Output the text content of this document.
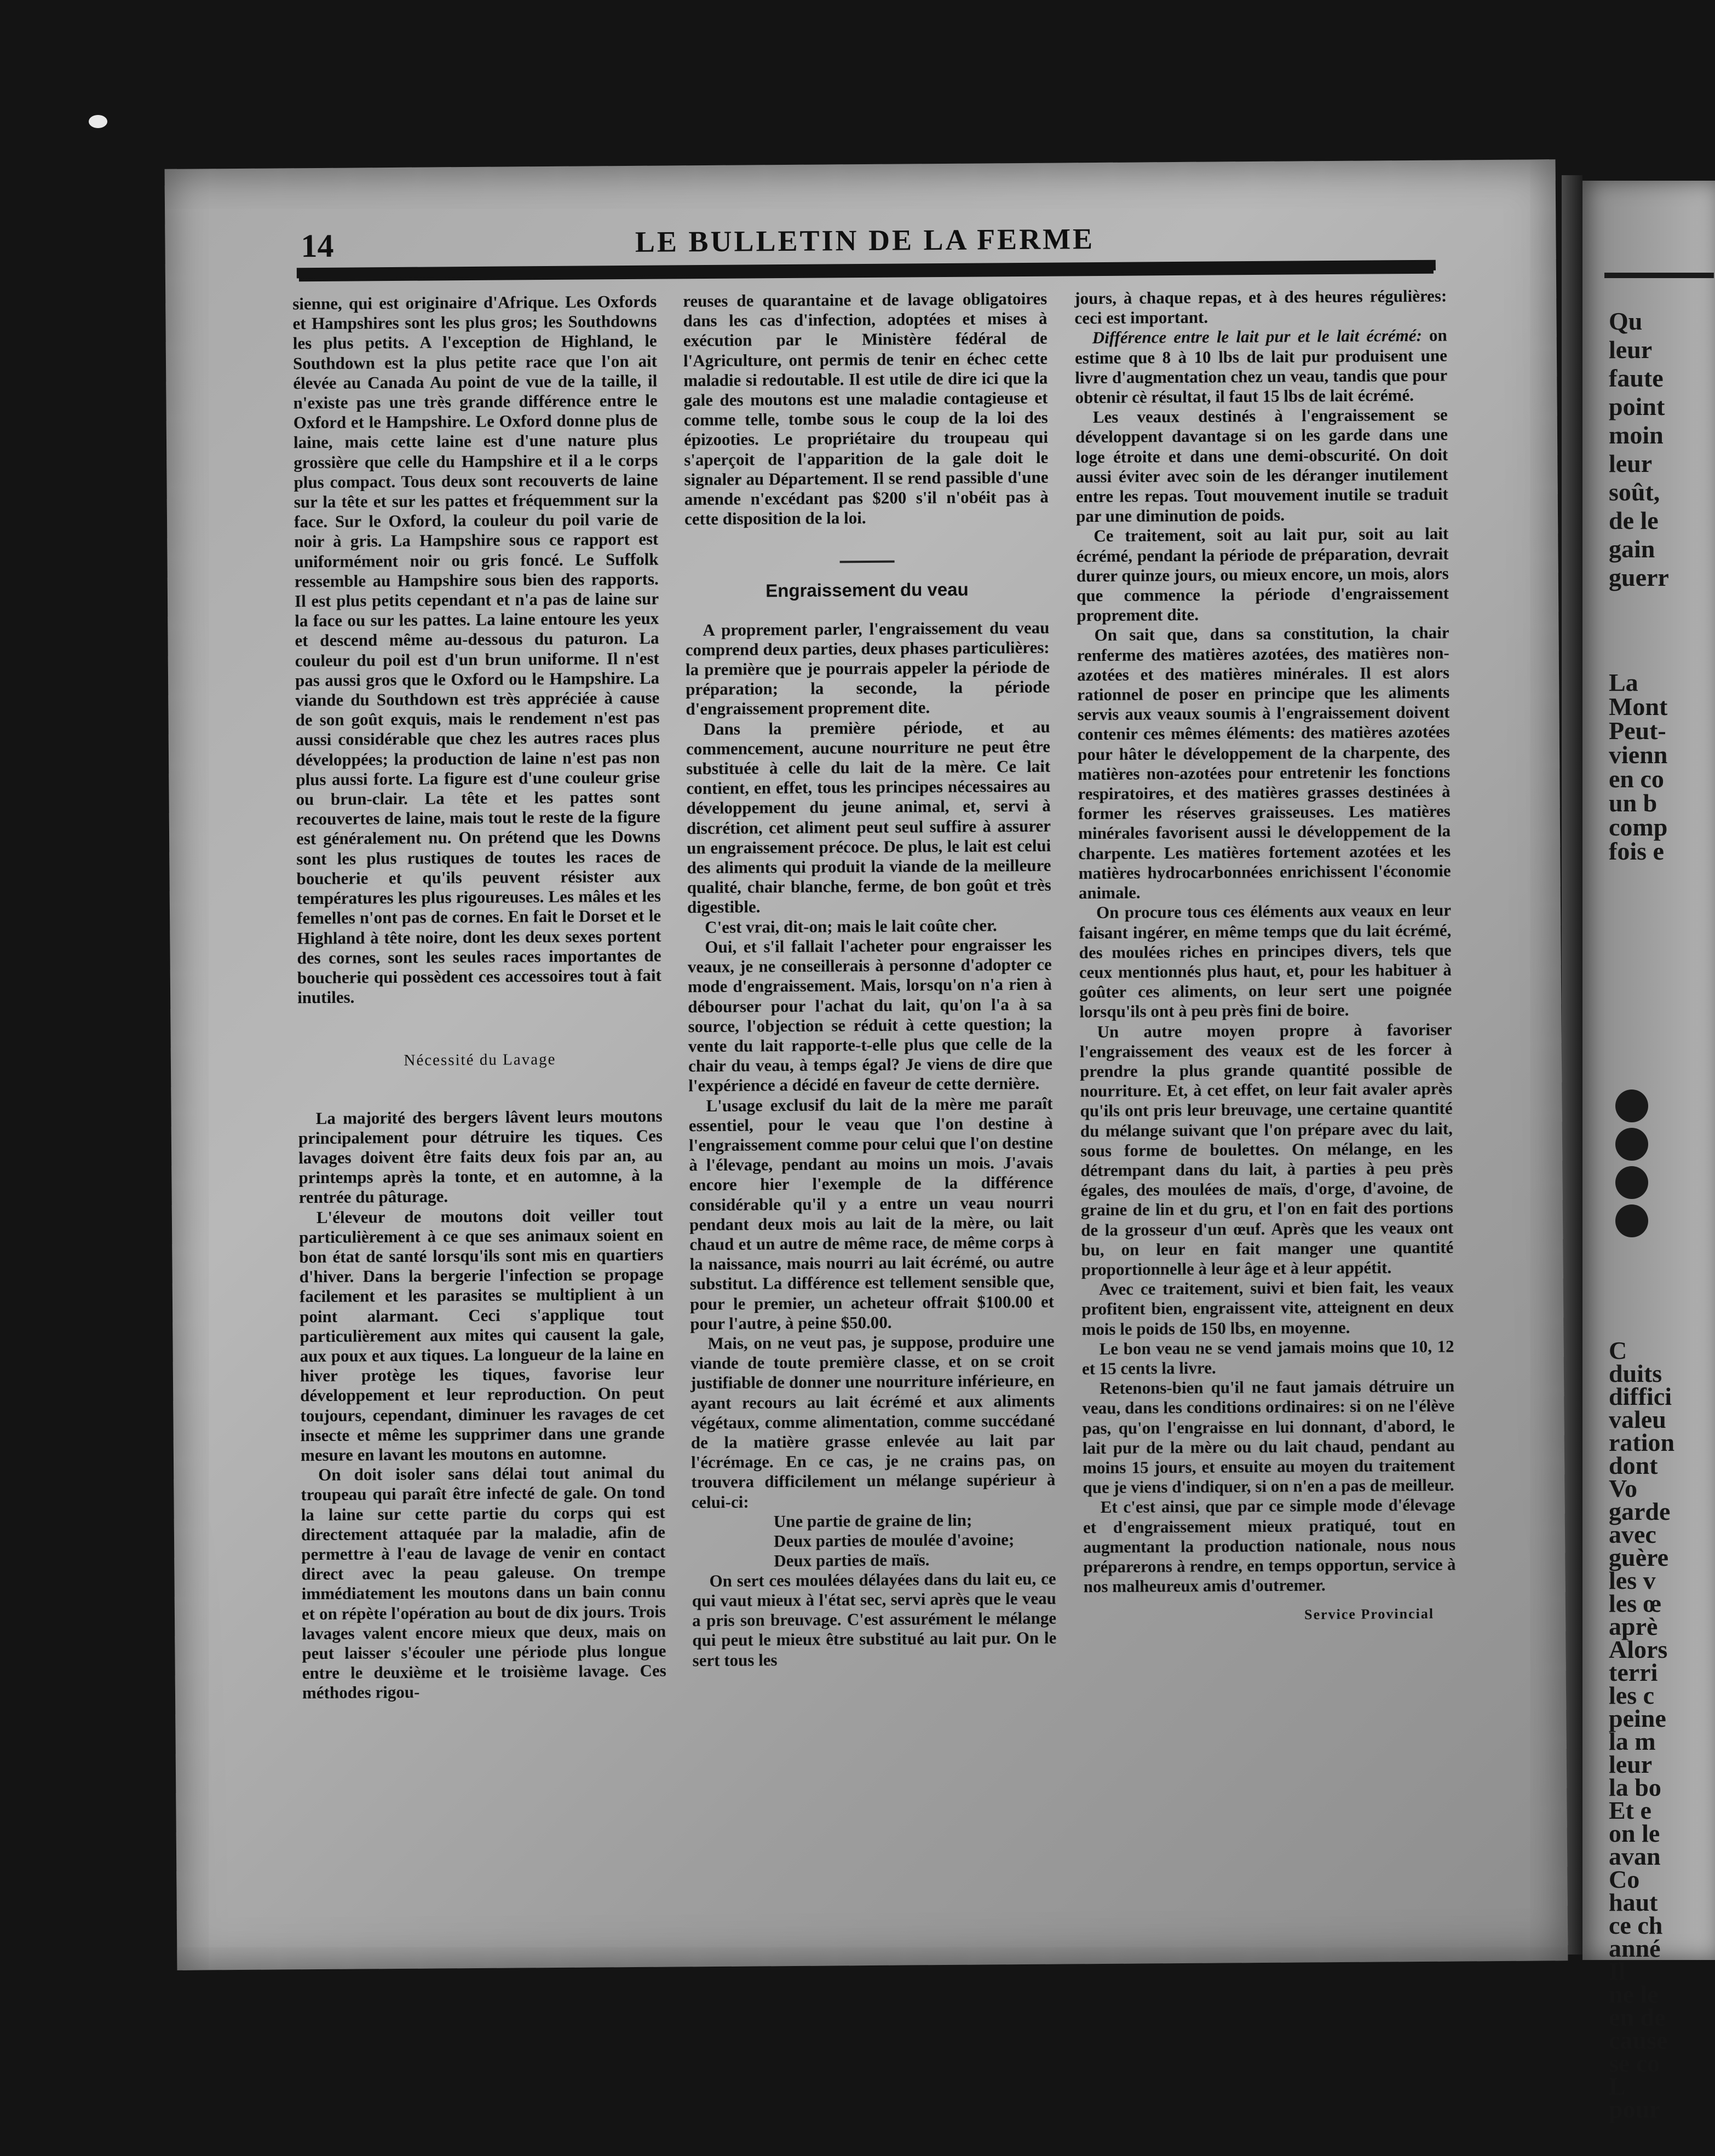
Qu
leur
faute
point
moin
leur
soût,
de le
gain
guerr
La
Mont
Peut-
vienn
en co
un b
comp
fois e
C
duits
diffici
valeu
ration
dont
Vo
garde
avec
guère
les v
les œ
aprè
Alors
terri
les c
peine
la m
leur
la bo
Et e
on le
avan
Co
haut
ce ch
anné
Il
ne le
en de
cause
se co
L
pour
14	LE BULLETIN DE LA FERME

sienne, qui est originaire d'Afrique. Les Oxfords et Hampshires sont les plus gros; les Southdowns les plus petits. A l'exception de Highland, le Southdown est la plus petite race que l'on ait élevée au Canada Au point de vue de la taille, il n'existe pas une très grande différence entre le Oxford et le Hampshire. Le Oxford donne plus de laine, mais cette laine est d'une nature plus grossière que celle du Hampshire et il a le corps plus compact. Tous deux sont recouverts de laine sur la tête et sur les pattes et fréquemment sur la face. Sur le Oxford, la couleur du poil varie de noir à gris. La Hampshire sous ce rapport est uniformément noir ou gris foncé. Le Suffolk ressemble au Hampshire sous bien des rapports. Il est plus petits cependant et n'a pas de laine sur la face ou sur les pattes. La laine entoure les yeux et descend même au-dessous du paturon. La couleur du poil est d'un brun uniforme. Il n'est pas aussi gros que le Oxford ou le Hampshire. La viande du Southdown est très appréciée à cause de son goût exquis, mais le rendement n'est pas aussi considérable que chez les autres races plus développées; la production de laine n'est pas non plus aussi forte. La figure est d'une couleur grise ou brun-clair. La tête et les pattes sont recouvertes de laine, mais tout le reste de la figure est généralement nu. On prétend que les Downs sont les plus rustiques de toutes les races de boucherie et qu'ils peuvent résister aux températures les plus rigoureuses. Les mâles et les femelles n'ont pas de cornes. En fait le Dorset et le Highland à tête noire, dont les deux sexes portent des cornes, sont les seules races importantes de boucherie qui possèdent ces accessoires tout à fait inutiles.

Nécessité du Lavage

La majorité des bergers lâvent leurs moutons principalement pour détruire les tiques. Ces lavages doivent être faits deux fois par an, au printemps après la tonte, et en automne, à la rentrée du pâturage.

L'éleveur de moutons doit veiller tout particulièrement à ce que ses animaux soient en bon état de santé lorsqu'ils sont mis en quartiers d'hiver. Dans la bergerie l'infection se propage facilement et les parasites se multiplient à un point alarmant. Ceci s'applique tout particulièrement aux mites qui causent la gale, aux poux et aux tiques. La longueur de la laine en hiver protège les tiques, favorise leur développement et leur reproduction. On peut toujours, cependant, diminuer les ravages de cet insecte et même les supprimer dans une grande mesure en lavant les moutons en automne.

On doit isoler sans délai tout animal du troupeau qui paraît être infecté de gale. On tond la laine sur cette partie du corps qui est directement attaquée par la maladie, afin de permettre à l'eau de lavage de venir en contact direct avec la peau galeuse. On trempe immédiatement les moutons dans un bain connu et on répète l'opération au bout de dix jours. Trois lavages valent encore mieux que deux, mais on peut laisser s'écouler une période plus longue entre le deuxième et le troisième lavage. Ces méthodes rigou-

reuses de quarantaine et de lavage obligatoires dans les cas d'infection, adoptées et mises à exécution par le Ministère fédéral de l'Agriculture, ont permis de tenir en échec cette maladie si redoutable. Il est utile de dire ici que la gale des moutons est une maladie contagieuse et comme telle, tombe sous le coup de la loi des épizooties. Le propriétaire du troupeau qui s'aperçoit de l'apparition de la gale doit le signaler au Département. Il se rend passible d'une amende n'excédant pas $200 s'il n'obéit pas à cette disposition de la loi.

Engraissement du veau

A proprement parler, l'engraissement du veau comprend deux parties, deux phases particulières: la première que je pourrais appeler la période de préparation; la seconde, la période d'engraissement proprement dite.

Dans la première période, et au commencement, aucune nourriture ne peut être substituée à celle du lait de la mère. Ce lait contient, en effet, tous les principes nécessaires au développement du jeune animal, et, servi à discrétion, cet aliment peut seul suffire à assurer un engraissement précoce. De plus, le lait est celui des aliments qui produit la viande de la meilleure qualité, chair blanche, ferme, de bon goût et très digestible.

C'est vrai, dit-on; mais le lait coûte cher.

Oui, et s'il fallait l'acheter pour engraisser les veaux, je ne conseillerais à personne d'adopter ce mode d'engraissement. Mais, lorsqu'on n'a rien à débourser pour l'achat du lait, qu'on l'a à sa source, l'objection se réduit à cette question; la vente du lait rapporte-t-elle plus que celle de la chair du veau, à temps égal? Je viens de dire que l'expérience a décidé en faveur de cette dernière.

L'usage exclusif du lait de la mère me paraît essentiel, pour le veau que l'on destine à l'engraissement comme pour celui que l'on destine à l'élevage, pendant au moins un mois. J'avais encore hier l'exemple de la différence considérable qu'il y a entre un veau nourri pendant deux mois au lait de la mère, ou lait chaud et un autre de même race, de même corps à la naissance, mais nourri au lait écrémé, ou autre substitut. La différence est tellement sensible que, pour le premier, un acheteur offrait $100.00 et pour l'autre, à peine $50.00.

Mais, on ne veut pas, je suppose, produire une viande de toute première classe, et on se croit justifiable de donner une nourriture inférieure, en ayant recours au lait écrémé et aux aliments végétaux, comme alimentation, comme succédané de la matière grasse enlevée au lait par l'écrémage. En ce cas, je ne crains pas, on trouvera difficilement un mélange supérieur à celui-ci:

Une partie de graine de lin;
Deux parties de moulée d'avoine;
Deux parties de maïs.

On sert ces moulées délayées dans du lait eu, ce qui vaut mieux à l'état sec, servi après que le veau a pris son breuvage. C'est assurément le mélange qui peut le mieux être substitué au lait pur. On le sert tous les

jours, à chaque repas, et à des heures régulières: ceci est important.

Différence entre le lait pur et le lait écrémé: on estime que 8 à 10 lbs de lait pur produisent une livre d'augmentation chez un veau, tandis que pour obtenir cè résultat, il faut 15 lbs de lait écrémé.

Les veaux destinés à l'engraissement se développent davantage si on les garde dans une loge étroite et dans une demi-obscurité. On doit aussi éviter avec soin de les déranger inutilement entre les repas. Tout mouvement inutile se traduit par une diminution de poids.

Ce traitement, soit au lait pur, soit au lait écrémé, pendant la période de préparation, devrait durer quinze jours, ou mieux encore, un mois, alors que commence la période d'engraissement proprement dite.

On sait que, dans sa constitution, la chair renferme des matières azotées, des matières non-azotées et des matières minérales. Il est alors rationnel de poser en principe que les aliments servis aux veaux soumis à l'engraissement doivent contenir ces mêmes éléments: des matières azotées pour hâter le développement de la charpente, des matières non-azotées pour entretenir les fonctions respiratoires, et des matières grasses destinées à former les réserves graisseuses. Les matières minérales favorisent aussi le développement de la charpente. Les matières fortement azotées et les matières hydrocarbonnées enrichissent l'économie animale.

On procure tous ces éléments aux veaux en leur faisant ingérer, en même temps que du lait écrémé, des moulées riches en principes divers, tels que ceux mentionnés plus haut, et, pour les habituer à goûter ces aliments, on leur sert une poignée lorsqu'ils ont à peu près fini de boire.

Un autre moyen propre à favoriser l'engraissement des veaux est de les forcer à prendre la plus grande quantité possible de nourriture. Et, à cet effet, on leur fait avaler après qu'ils ont pris leur breuvage, une certaine quantité du mélange suivant que l'on prépare avec du lait, sous forme de boulettes. On mélange, en les détrempant dans du lait, à parties à peu près égales, des moulées de maïs, d'orge, d'avoine, de graine de lin et du gru, et l'on en fait des portions de la grosseur d'un œuf. Après que les veaux ont bu, on leur en fait manger une quantité proportionnelle à leur âge et à leur appétit.

Avec ce traitement, suivi et bien fait, les veaux profitent bien, engraissent vite, atteignent en deux mois le poids de 150 lbs, en moyenne.

Le bon veau ne se vend jamais moins que 10, 12 et 15 cents la livre.

Retenons-bien qu'il ne faut jamais détruire un veau, dans les conditions ordinaires: si on ne l'élève pas, qu'on l'engraisse en lui donnant, d'abord, le lait pur de la mère ou du lait chaud, pendant au moins 15 jours, et ensuite au moyen du traitement que je viens d'indiquer, si on n'en a pas de meilleur.

Et c'est ainsi, que par ce simple mode d'élevage et d'engraissement mieux pratiqué, tout en augmentant la production nationale, nous nous préparerons à rendre, en temps opportun, service à nos malheureux amis d'outremer.

Service Provincial
